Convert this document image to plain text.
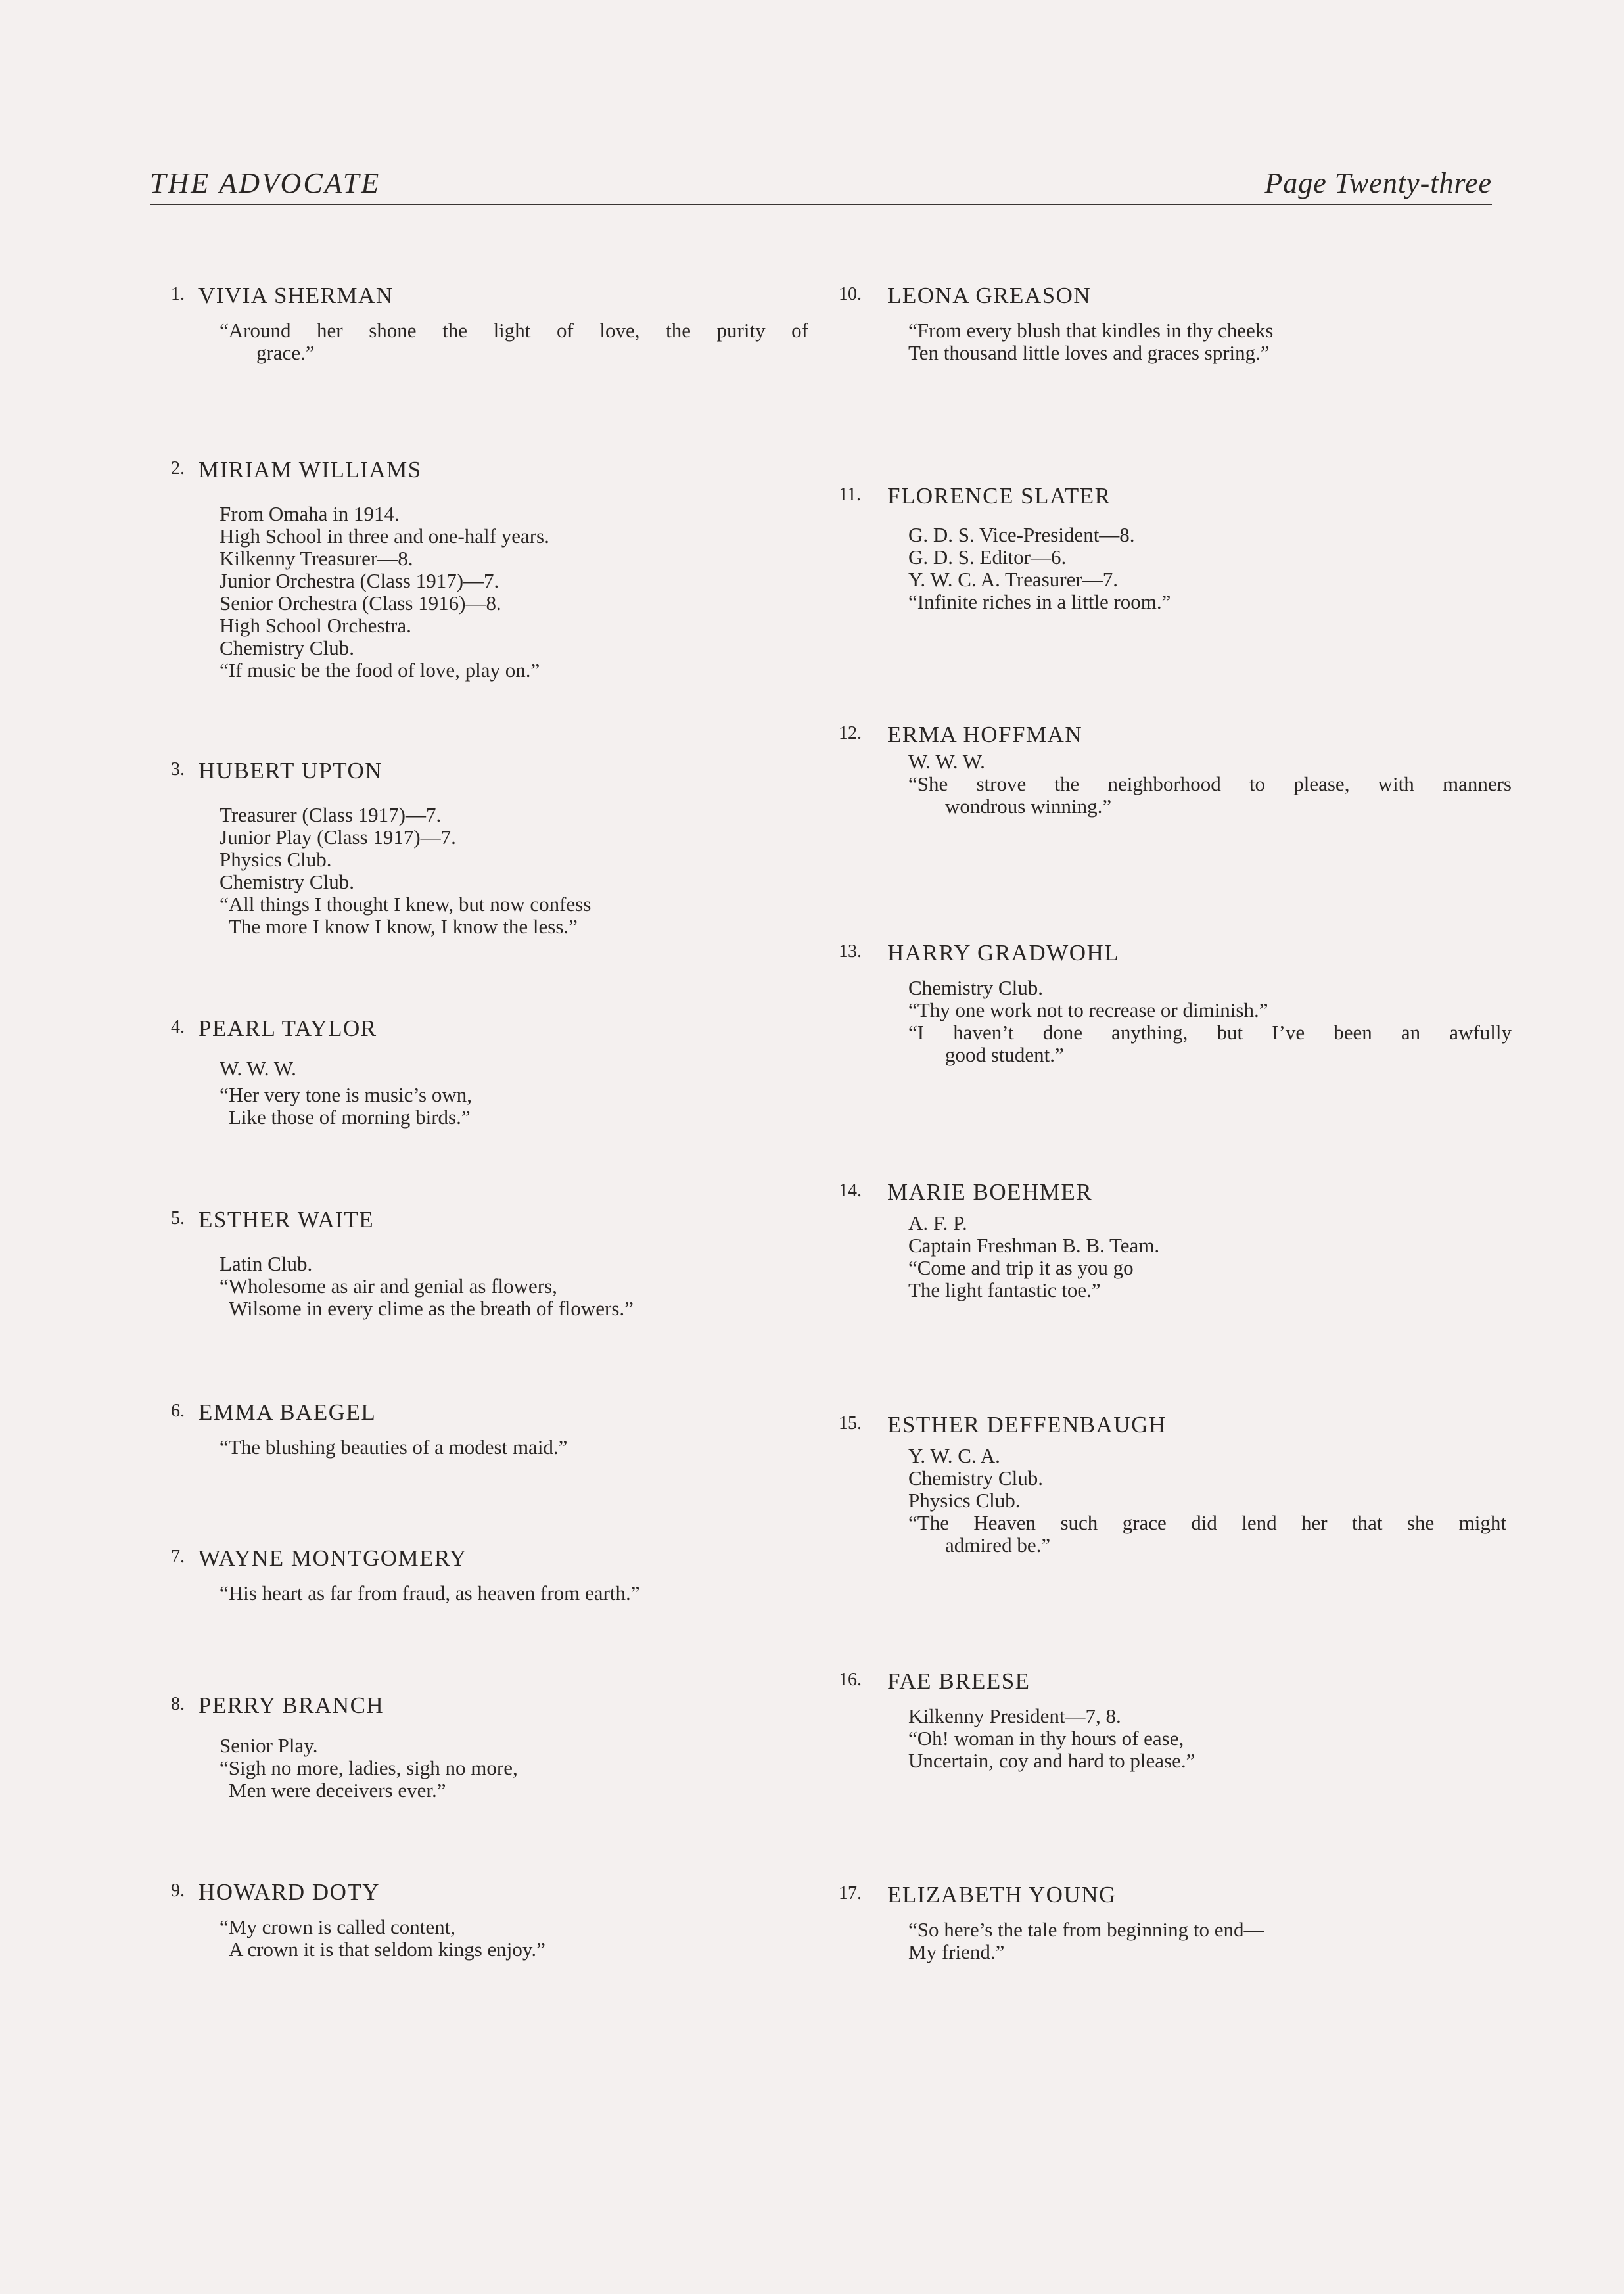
THE ADVOCATE	Page Twenty-three
1. VIVIA SHERMAN
“Around her shone the light of love, the purity of
grace.”
2. MIRIAM WILLIAMS
From Omaha in 1914.
High School in three and one-half years.
Kilkenny Treasurer—8.
Junior Orchestra (Class 1917)—7.
Senior Orchestra (Class 1916)—8.
High School Orchestra.
Chemistry Club.
“If music be the food of love, play on.”
3. HUBERT UPTON
Treasurer (Class 1917)—7.
Junior Play (Class 1917)—7.
Physics Club.
Chemistry Club.
“All things I thought I knew, but now confess
The more I know I know, I know the less.”
4. PEARL TAYLOR
W. W. W.
“Her very tone is music’s own,
Like those of morning birds.”
5. ESTHER WAITE
Latin Club.
“Wholesome as air and genial as flowers,
Wilsome in every clime as the breath of flowers.”
6. EMMA BAEGEL
“The blushing beauties of a modest maid.”
7. WAYNE MONTGOMERY
“His heart as far from fraud, as heaven from earth.”
8. PERRY BRANCH
Senior Play.
“Sigh no more, ladies, sigh no more,
Men were deceivers ever.”
9. HOWARD DOTY
“My crown is called content,
A crown it is that seldom kings enjoy.”
10. LEONA GREASON
“From every blush that kindles in thy cheeks
Ten thousand little loves and graces spring.”
11. FLORENCE SLATER
G. D. S. Vice-President—8.
G. D. S. Editor—6.
Y. W. C. A. Treasurer—7.
“Infinite riches in a little room.”
12. ERMA HOFFMAN
W. W. W.
“She strove the neighborhood to please, with manners
wondrous winning.”
13. HARRY GRADWOHL
Chemistry Club.
“Thy one work not to recrease or diminish.”
“I haven’t done anything, but I’ve been an awfully
good student.”
14. MARIE BOEHMER
A. F. P.
Captain Freshman B. B. Team.
“Come and trip it as you go
The light fantastic toe.”
15. ESTHER DEFFENBAUGH
Y. W. C. A.
Chemistry Club.
Physics Club.
“The Heaven such grace did lend her that she might
admired be.”
16. FAE BREESE
Kilkenny President—7, 8.
“Oh! woman in thy hours of ease,
Uncertain, coy and hard to please.”
17. ELIZABETH YOUNG
“So here’s the tale from beginning to end—
My friend.”
